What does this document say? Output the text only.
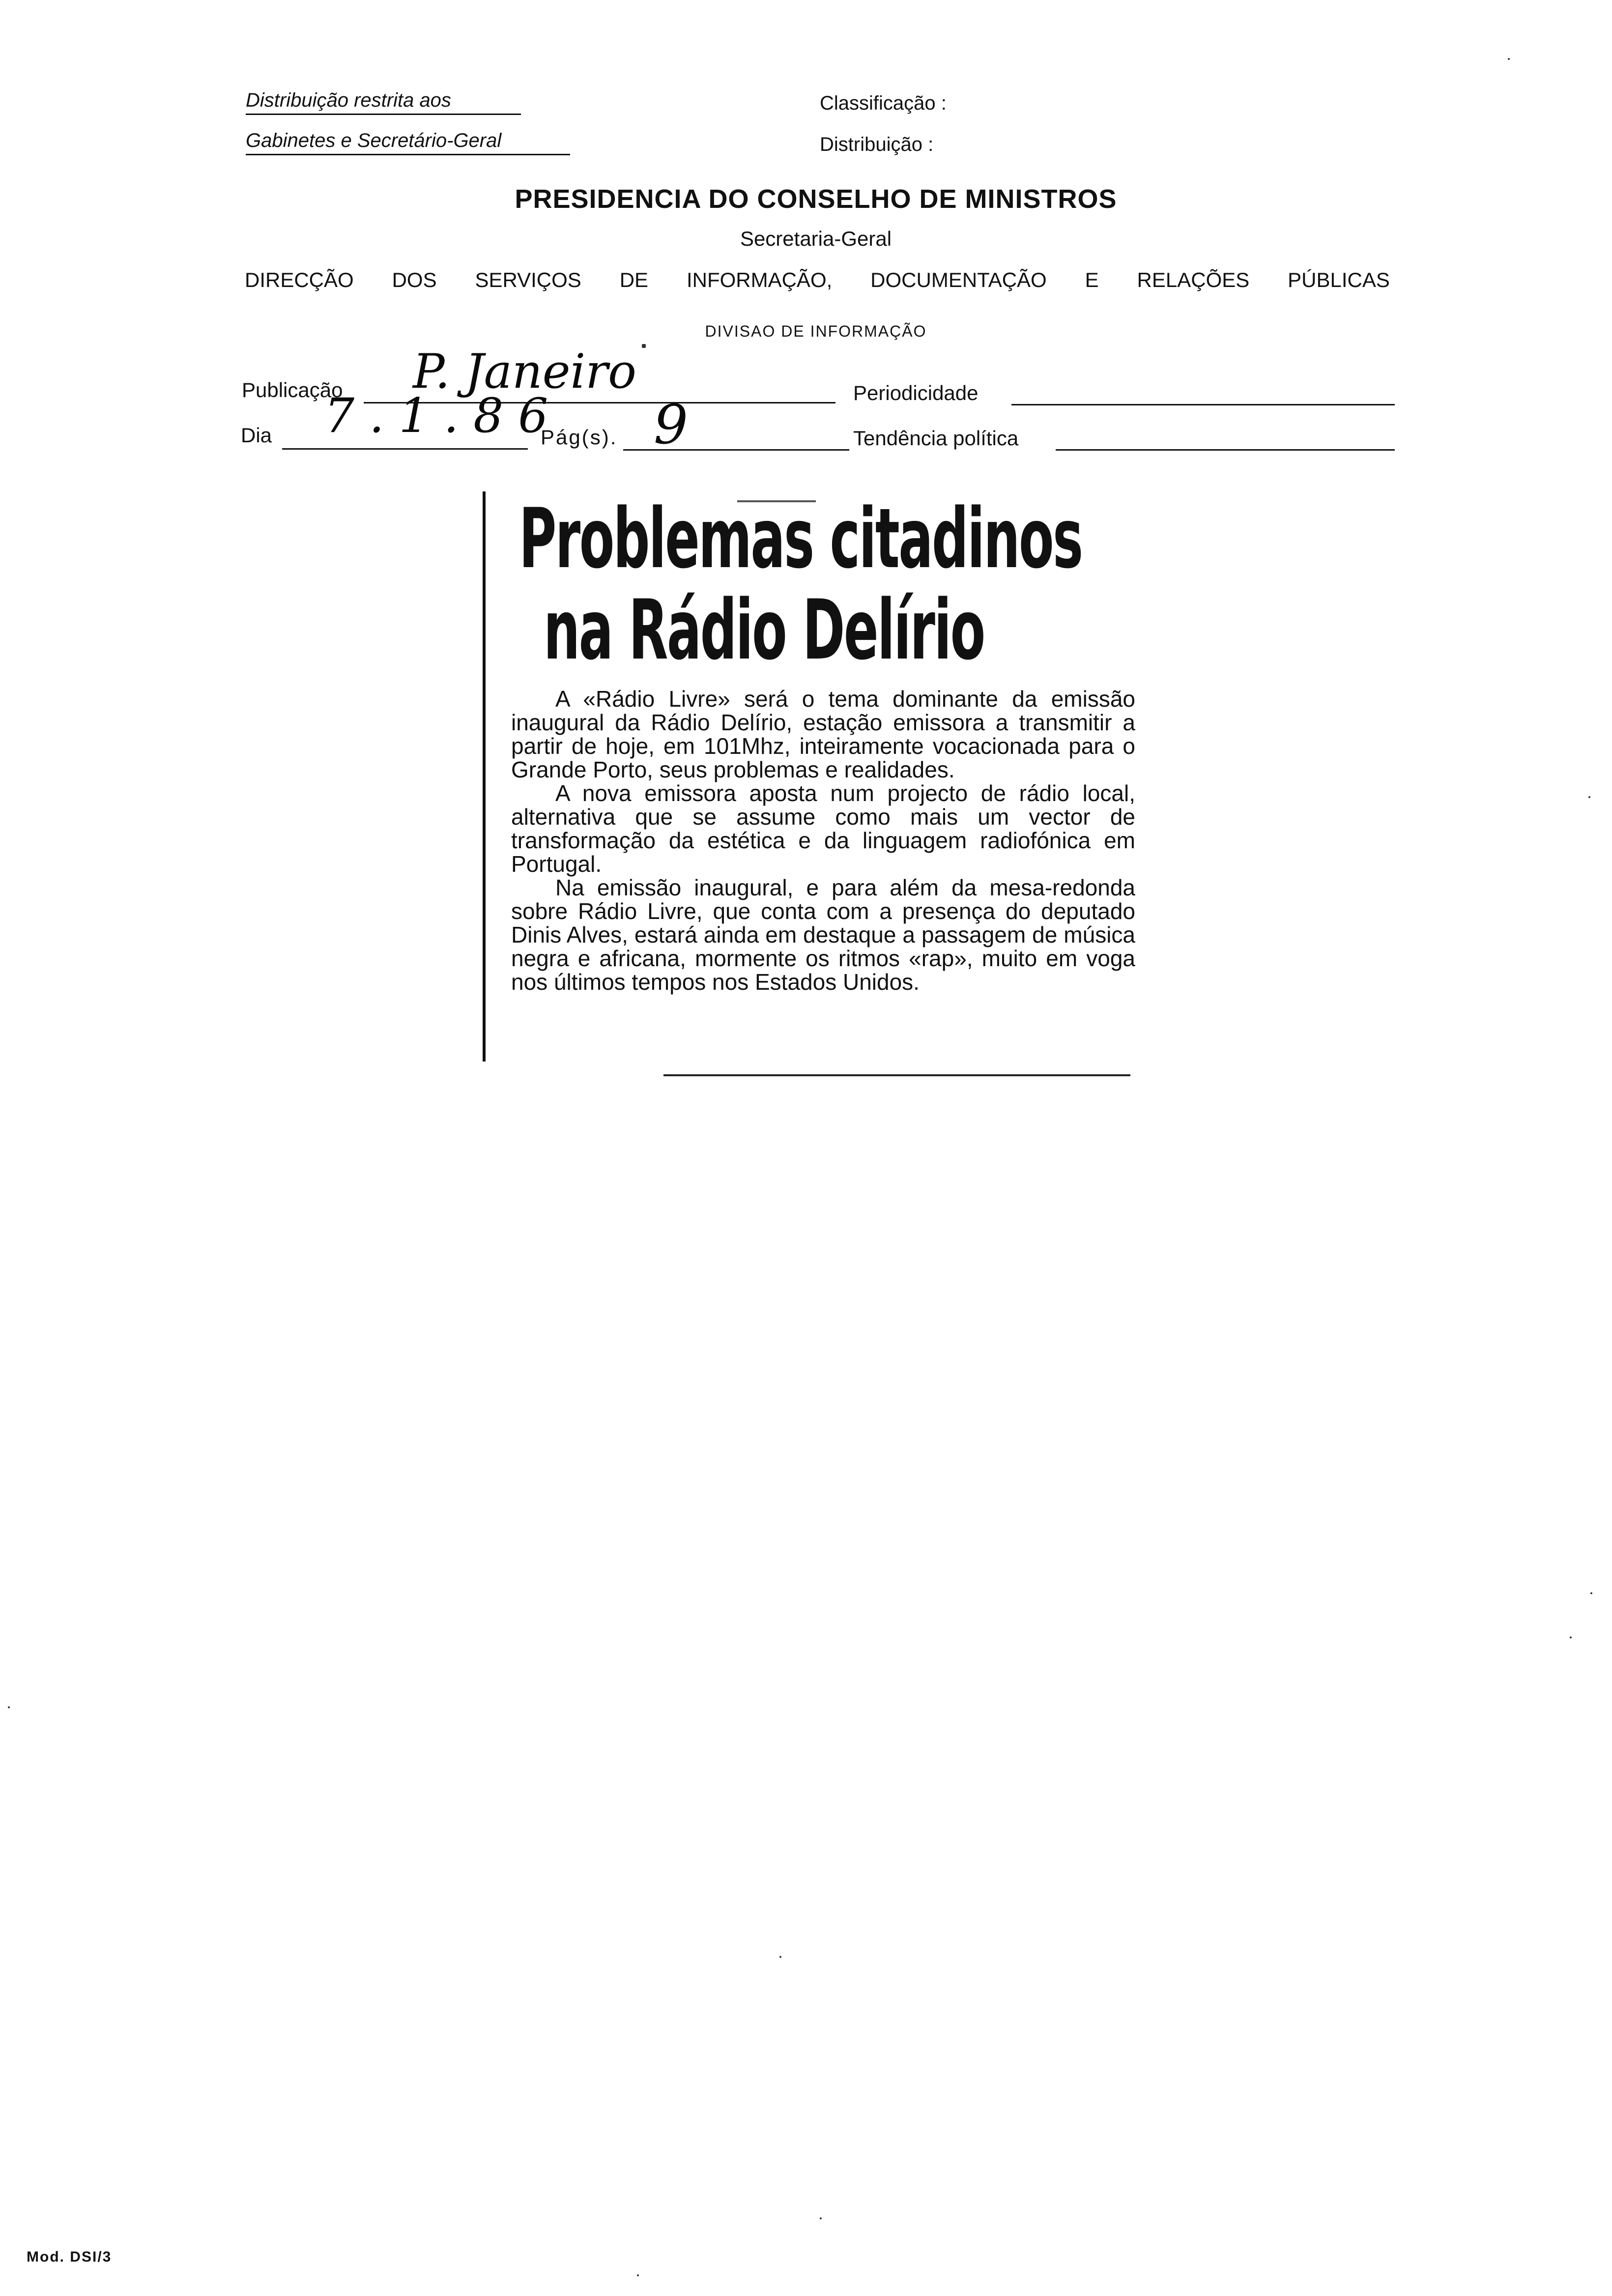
Distribuição restrita aos
Gabinetes e Secretário-Geral
Classificação :
Distribuição :
PRESIDENCIA DO CONSELHO DE MINISTROS
Secretaria-Geral
DIRECÇÃO DOS SERVIÇOS DE INFORMAÇÃO, DOCUMENTAÇÃO E RELAÇÕES PÚBLICAS
DIVISAO DE INFORMAÇÃO
Publicação P. Janeiro	Periodicidade
Dia 7.1.86
Pág(s). 9	Tendência política
Problemas citadinos
na Rádio Delírio

A «Rádio Livre» será o tema dominante da emissão inaugural da Rádio Delírio, estação emissora a transmitir a partir de hoje, em 101Mhz, inteiramente vocacionada para o Grande Porto, seus problemas e realidades.

A nova emissora aposta num projecto de rádio local, alternativa que se assume como mais um vector de transformação da estética e da linguagem radiofónica em Portugal.

Na emissão inaugural, e para além da mesa-redonda sobre Rádio Livre, que conta com a presença do deputado Dinis Alves, estará ainda em destaque a passagem de música negra e africana, mormente os ritmos «rap», muito em voga nos últimos tempos nos Estados Unidos.

Mod. DSI/3
